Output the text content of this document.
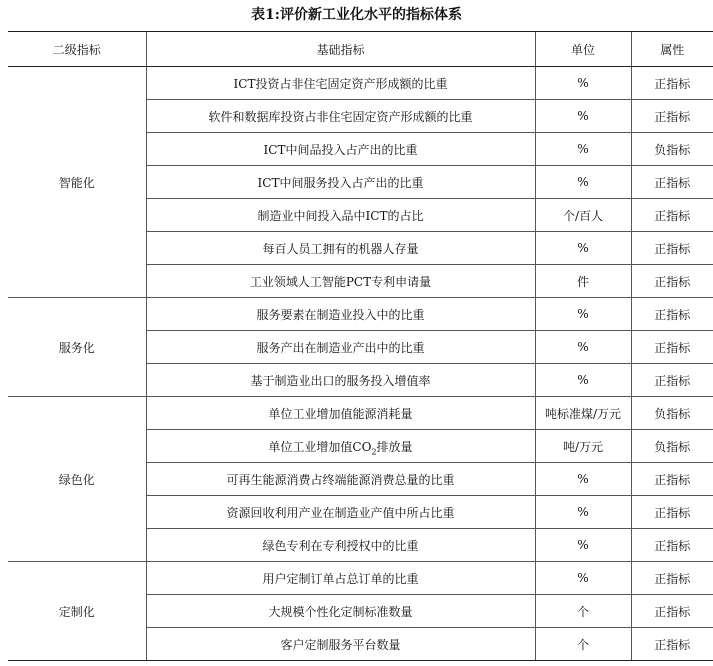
表1:评价新工业化水平的指标体系
二级指标	基础指标	单位	属性
智能化	ICT投资占非住宅固定资产形成额的比重	%	正指标
	软件和数据库投资占非住宅固定资产形成额的比重	%	正指标
	ICT中间品投入占产出的比重	%	负指标
	ICT中间服务投入占产出的比重	%	正指标
	制造业中间投入品中ICT的占比	个/百人	正指标
	每百人员工拥有的机器人存量	%	正指标
	工业领域人工智能PCT专利申请量	件	正指标
服务化	服务要素在制造业投入中的比重	%	正指标
	服务产出在制造业产出中的比重	%	正指标
	基于制造业出口的服务投入增值率	%	正指标
绿色化	单位工业增加值能源消耗量	吨标准煤/万元	负指标
	单位工业增加值$CO_2$排放量	吨/万元	负指标
	可再生能源消费占终端能源消费总量的比重	%	正指标
	资源回收利用产业在制造业产值中所占比重	%	正指标
	绿色专利在专利授权中的比重	%	正指标
定制化	用户定制订单占总订单的比重	%	正指标
	大规模个性化定制标准数量	个	正指标
	客户定制服务平台数量	个	正指标
